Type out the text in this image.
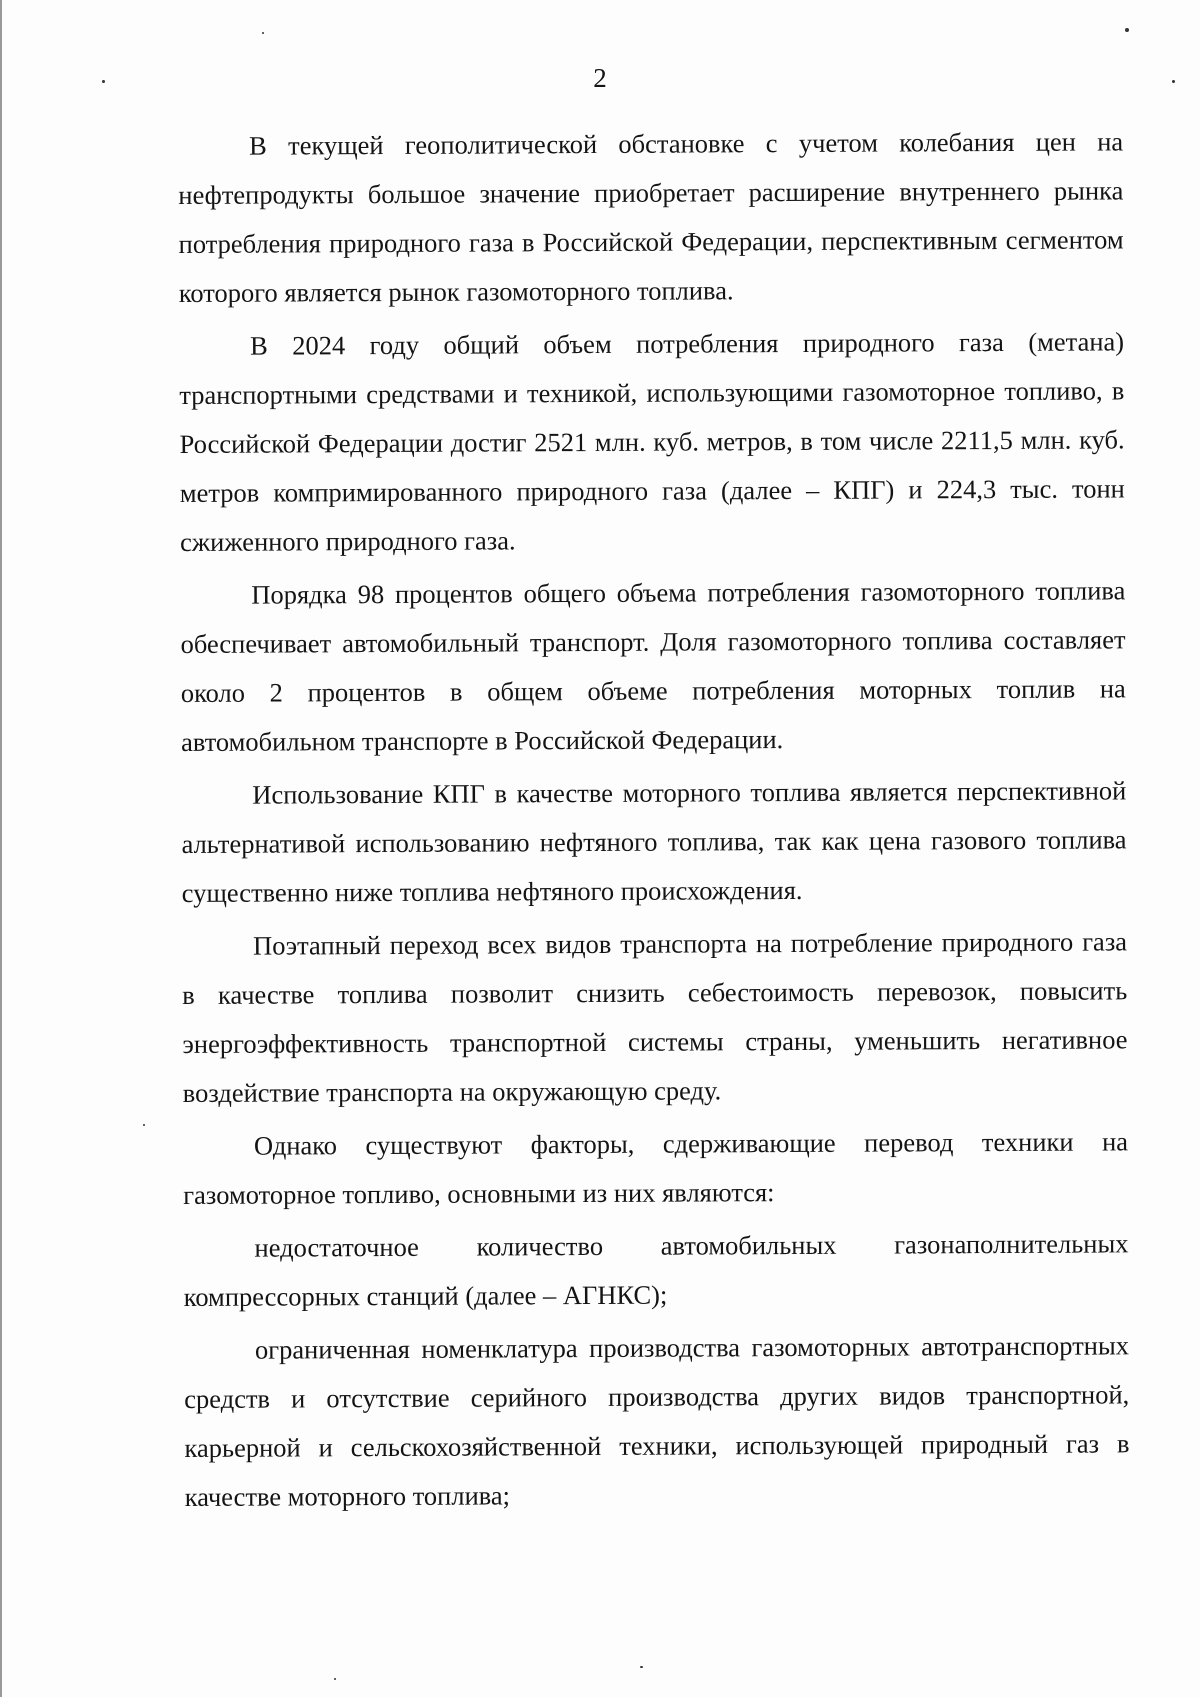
2

В текущей геополитической обстановке с учетом колебания цен на нефтепродукты большое значение приобретает расширение внутреннего рынка потребления природного газа в Российской Федерации, перспективным сегментом которого является рынок газомоторного топлива.

В 2024 году общий объем потребления природного газа (метана) транспортными средствами и техникой, использующими газомоторное топливо, в Российской Федерации достиг 2521 млн. куб. метров, в том числе 2211,5 млн. куб. метров компримированного природного газа (далее – КПГ) и 224,3 тыс. тонн сжиженного природного газа.

Порядка 98 процентов общего объема потребления газомоторного топлива обеспечивает автомобильный транспорт. Доля газомоторного топлива составляет около 2 процентов в общем объеме потребления моторных топлив на автомобильном транспорте в Российской Федерации.

Использование КПГ в качестве моторного топлива является перспективной альтернативой использованию нефтяного топлива, так как цена газового топлива существенно ниже топлива нефтяного происхождения.

Поэтапный переход всех видов транспорта на потребление природного газа в качестве топлива позволит снизить себестоимость перевозок, повысить энергоэффективность транспортной системы страны, уменьшить негативное воздействие транспорта на окружающую среду.

Однако существуют факторы, сдерживающие перевод техники на газомоторное топливо, основными из них являются:

недостаточное количество автомобильных газонаполнительных компрессорных станций (далее – АГНКС);

ограниченная номенклатура производства газомоторных автотранспортных средств и отсутствие серийного производства других видов транспортной, карьерной и сельскохозяйственной техники, использующей природный газ в качестве моторного топлива;
